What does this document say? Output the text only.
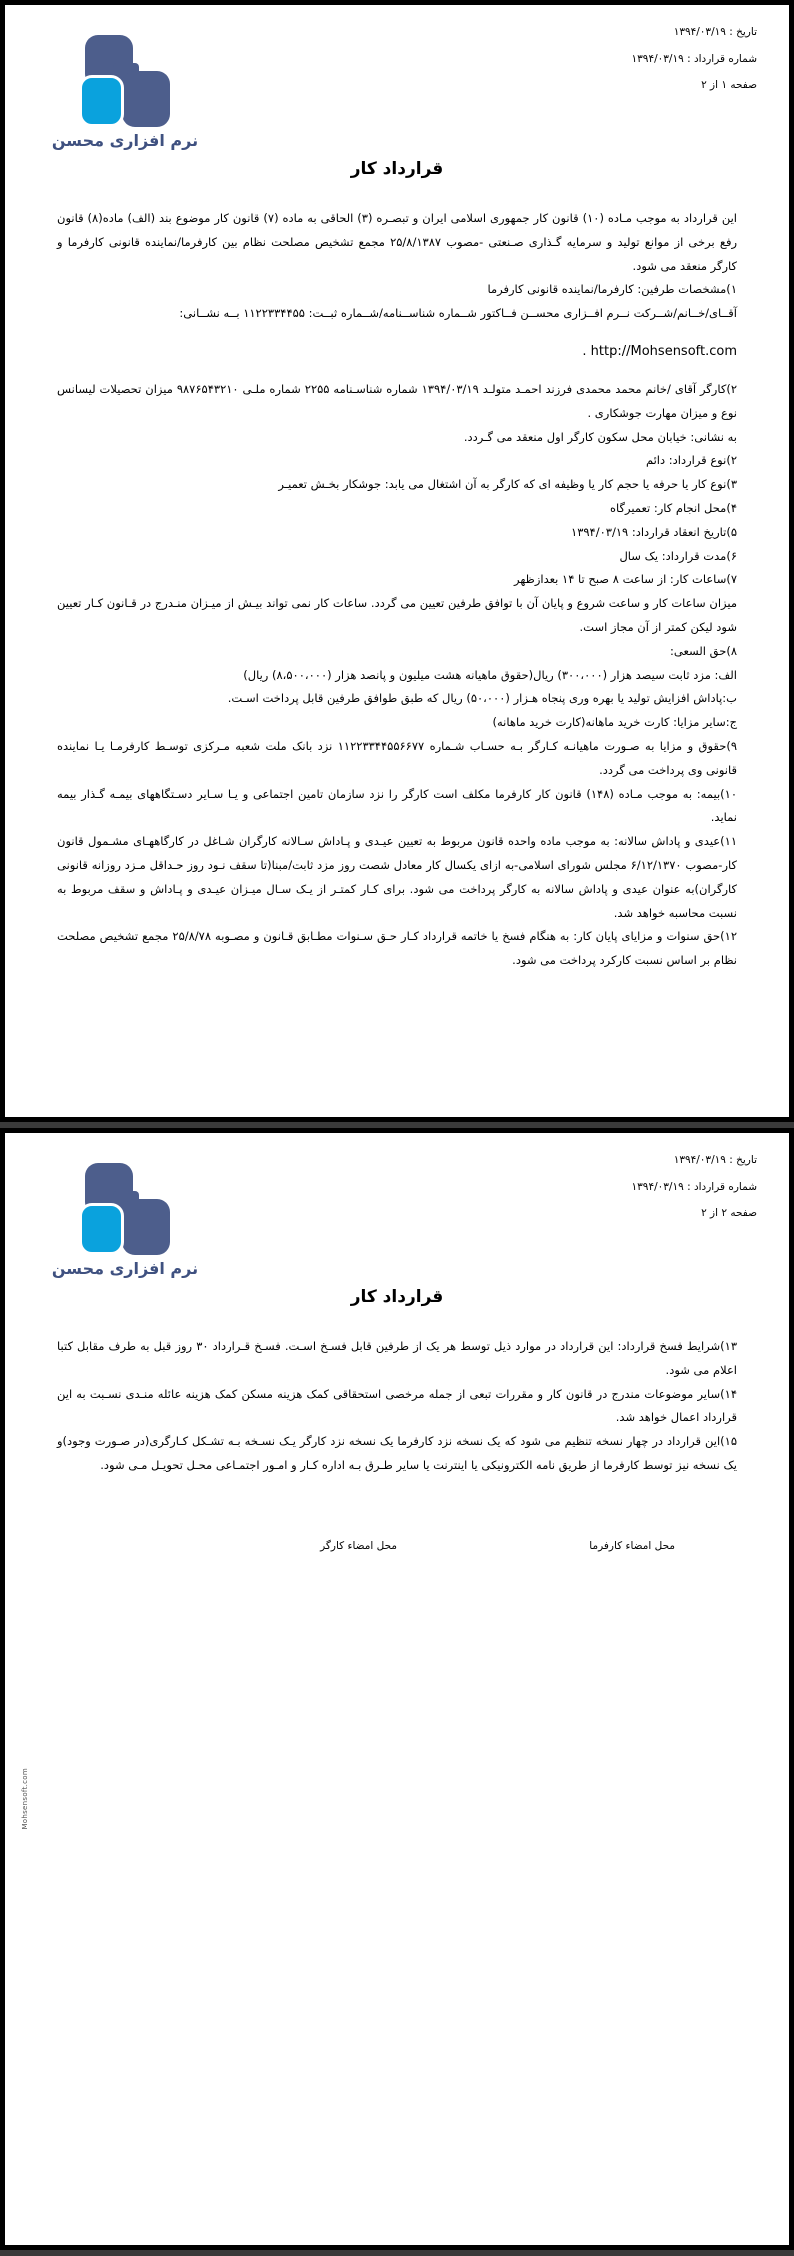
تاریخ : ۱۳۹۴/۰۳/۱۹
شماره قرارداد : ۱۳۹۴/۰۳/۱۹
صفحه ۱ از ۲
نرم افزاری محسن
قرارداد کار

این قرارداد به موجب مـاده (۱۰) قانون کار جمهوری اسلامی ایران و تبصـره (۳) الحاقی به ماده (۷) قانون کار موضوع بند (الف) ماده(۸) قانون رفع برخی از موانع تولید و سرمایه گـذاری صـنعتی -مصوب ۲۵/۸/۱۳۸۷ مجمع تشخیص مصلحت نظام بین کارفرما/نماینده قانونی کارفرما و کارگر منعقد می شود.

۱)مشخصات طرفین: کارفرما/نماینده قانونی کارفرما

آقــای/خــانم/شــرکت نــرم افــزاری محســن فــاکتور شــماره شناســنامه/شــماره ثبــت: ۱۱۲۲۳۳۴۴۵۵ بــه نشــانی:

. http://Mohsensoft.com

۲)کارگر آقای /خانم محمد محمدی فرزند احمـد متولـد ۱۳۹۴/۰۳/۱۹ شماره شناسـنامه ۲۲۵۵ شماره ملـی ۹۸۷۶۵۴۳۲۱۰ میزان تحصیلات لیسانس نوع و میزان مهارت جوشکاری .

به نشانی: خیابان محل سکون کارگر اول منعقد می گـردد.

۲)نوع قرارداد: دائم

۳)نوع کار یا حرفه یا حجم کار یا وظیفه ای که کارگر به آن اشتغال می یابد: جوشکار بخـش تعمیـر

۴)محل انجام کار: تعمیرگاه

۵)تاریخ انعقاد قرارداد: ۱۳۹۴/۰۳/۱۹

۶)مدت قرارداد: یک سال

۷)ساعات کار: از ساعت ۸ صبح تا ۱۴ بعدازظهر

میزان ساعات کار و ساعت شروع و پایان آن با توافق طرفین تعیین می گردد. ساعات کار نمی تواند بیـش از میـزان منـدرج در قـانون کـار تعیین شود لیکن کمتر از آن مجاز است.

۸)حق السعی:

الف: مزد ثابت سیصد هزار (۳۰۰،۰۰۰) ریال(حقوق ماهیانه هشت میلیون و پانصد هزار (۸،۵۰۰،۰۰۰) ریال)

ب:پاداش افزایش تولید یا بهره وری پنجاه هـزار (۵۰،۰۰۰) ریال که طبق طوافق طرفین قابل پرداخت اسـت.

ج:سایر مزایا: کارت خرید ماهانه(کارت خرید ماهانه)

۹)حقوق و مزایا به صـورت ماهیانـه کـارگر بـه حسـاب شـماره ۱۱۲۲۳۳۴۴۵۵۶۶۷۷ نزد بانک ملت شعبه مـرکزی توسـط کارفرمـا یـا نماینده قانونی وی پرداخت می گردد.

۱۰)بیمه: به موجب مـاده (۱۴۸) قانون کار کارفرما مکلف است کارگر را نزد سازمان تامین اجتماعی و یـا سـایر دسـتگاههای بیمـه گـذار بیمه نماید.

۱۱)عیدی و پاداش سالانه: به موجب ماده واحده قانون مربوط به تعیین عیـدی و پـاداش سـالانه کارگران شـاغل در کارگاههـای مشـمول قانون کار-مصوب ۶/۱۲/۱۳۷۰ مجلس شورای اسلامی-به ازای یکسال کار معادل شصت روز مزد ثابت/مبنا(تا سقف نـود روز حـداقل مـزد روزانه قانونی کارگران)به عنوان عیدی و پاداش سالانه به کارگر پرداخت می شود. برای کـار کمتـر از یـک سـال میـزان عیـدی و پـاداش و سقف مربوط به نسبت محاسبه خواهد شد.

۱۲)حق سنوات و مزایای پایان کار: به هنگام فسخ یا خاتمه قرارداد کـار حـق سـنوات مطـابق قـانون و مصـوبه ۲۵/۸/۷۸ مجمع تشخیص مصلحت نظام بر اساس نسبت کارکرد پرداخت می شود.

تاریخ : ۱۳۹۴/۰۳/۱۹
شماره قرارداد : ۱۳۹۴/۰۳/۱۹
صفحه ۲ از ۲
نرم افزاری محسن
قرارداد کار

۱۳)شرایط فسخ قرارداد: این قرارداد در موارد ذیل توسط هر یک از طرفین قابل فسـخ اسـت. فسـخ قـرارداد ۳۰ روز قبل به طرف مقابل کتبا اعلام می شود.

۱۴)سایر موضوعات مندرج در قانون کار و مقررات تبعی از جمله مرخصی استحقاقی کمک هزینه مسکن کمک هزینه عائله منـدی نسـبت به این قرارداد اعمال خواهد شد.

۱۵)این قرارداد در چهار نسخه تنظیم می شود که یک نسخه نزد کارفرما یک نسخه نزد کارگر یـک نسـخه بـه تشـکل کـارگری(در صـورت وجود)و یک نسخه نیز توسط کارفرما از طریق نامه الکترونیکی یا اینترنت یا سایر طـرق بـه اداره کـار و امـور اجتمـاعی محـل تحویـل مـی شود.

محل امضاء کارفرما
محل امضاء کارگر
Mohsensoft.com
